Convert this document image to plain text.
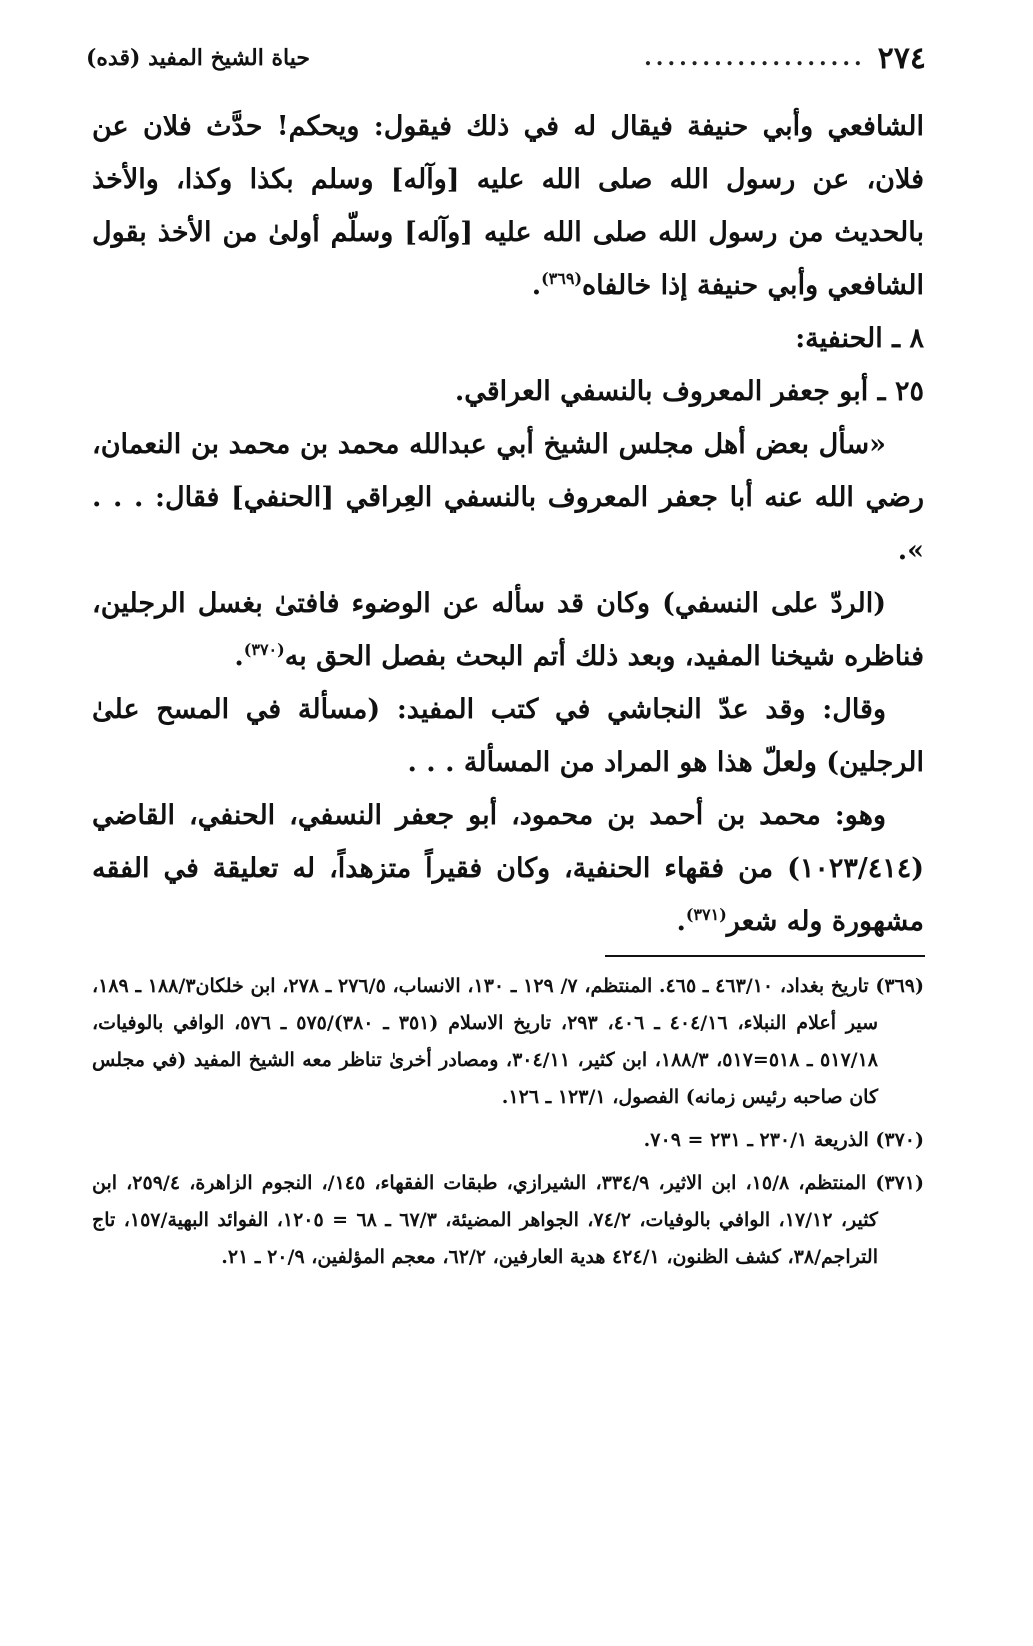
٢٧٤
...................
حياة الشيخ المفيد (قده)

الشافعي وأبي حنيفة فيقال له في ذلك فيقول: ويحكم! حدَّث فلان عن فلان، عن رسول الله صلى الله عليه [وآله] وسلم بكذا وكذا، والأخذ بالحديث من رسول الله صلى الله عليه [وآله] وسلّم أولىٰ من الأخذ بقول الشافعي وأبي حنيفة إذا خالفاه$^{(٣٦٩)}$.

٨ ـ الحنفية:

٢٥ ـ أبو جعفر المعروف بالنسفي العراقي.

«سأل بعض أهل مجلس الشيخ أبي عبدالله محمد بن محمد بن النعمان، رضي الله عنه أبا جعفر المعروف بالنسفي العِراقي [الحنفي] فقال: . . . ».

(الردّ على النسفي) وكان قد سأله عن الوضوء فافتىٰ بغسل الرجلين، فناظره شيخنا المفيد، وبعد ذلك أتم البحث بفصل الحق به$^{(٣٧٠)}$.

وقال: وقد عدّ النجاشي في كتب المفيد: (مسألة في المسح علىٰ الرجلين) ولعلّ هذا هو المراد من المسألة . . .

وهو: محمد بن أحمد بن محمود، أبو جعفر النسفي، الحنفي، القاضي (١٠٢٣/٤١٤) من فقهاء الحنفية، وكان فقيراً متزهداً، له تعليقة في الفقه مشهورة وله شعر$^{(٣٧١)}$.

(٣٦٩) تاريخ بغداد، ٤٦٣/١٠ ـ ٤٦٥. المنتظم، ٧/ ١٢٩ ـ ١٣٠، الانساب، ٢٧٦/٥ ـ ٢٧٨، ابن خلكان١٨٨/٣ ـ ١٨٩، سير أعلام النبلاء، ٤٠٤/١٦ ـ ٤٠٦، ٢٩٣، تاريخ الاسلام (٣٥١ ـ ٣٨٠)/٥٧٥ ـ ٥٧٦، الوافي بالوفيات، ٥١٧/١٨ ـ ٥١٨=٥١٧، ١٨٨/٣، ابن كثير، ٣٠٤/١١، ومصادر أخرىٰ تناظر معه الشيخ المفيد (في مجلس كان صاحبه رئيس زمانه) الفصول، ١٢٣/١ ـ ١٢٦.

(٣٧٠) الذريعة ٢٣٠/١ ـ ٢٣١ = ٧٠٩.

(٣٧١) المنتظم، ١٥/٨، ابن الاثير، ٣٣٤/٩، الشيرازي، طبقات الفقهاء، ١٤٥/، النجوم الزاهرة، ٢٥٩/٤، ابن كثير، ١٧/١٢، الوافي بالوفيات، ٧٤/٢، الجواهر المضيئة، ٦٧/٣ ـ ٦٨ = ١٢٠٥، الفوائد البهية/١٥٧، تاج التراجم/٣٨، كشف الظنون، ٤٢٤/١ هدية العارفين، ٦٢/٢، معجم المؤلفين، ٢٠/٩ ـ ٢١.
